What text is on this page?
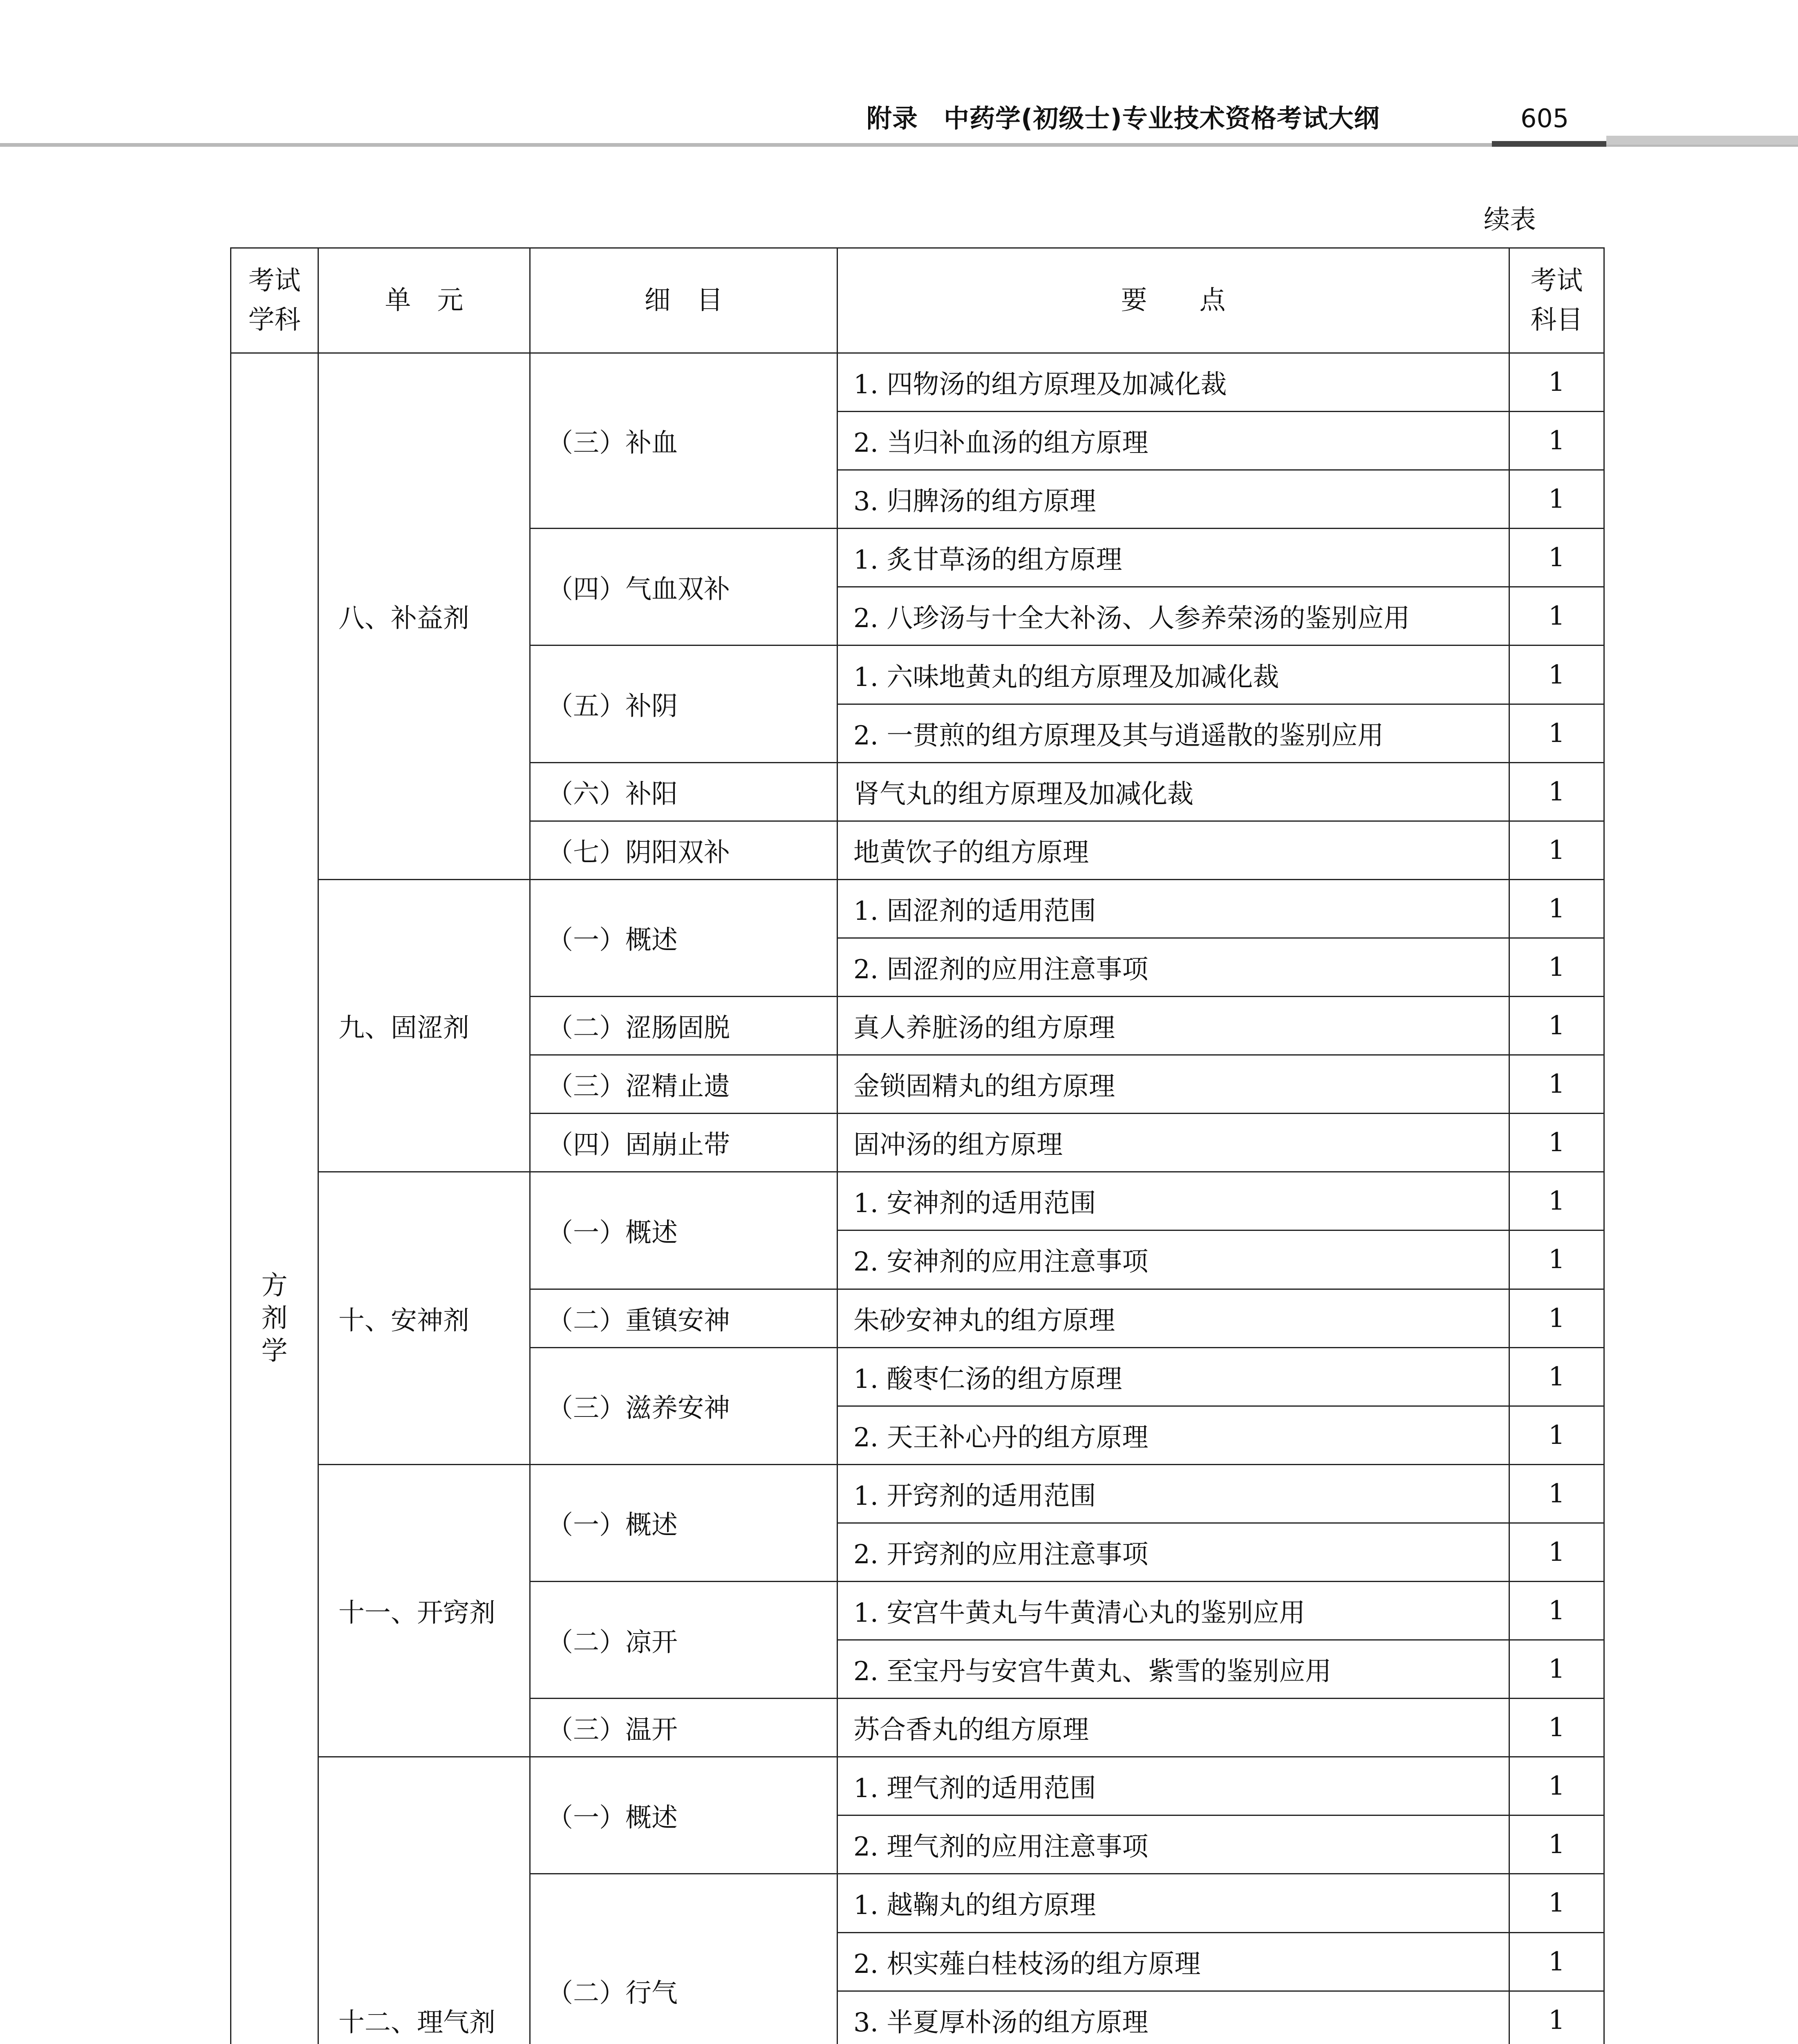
附录　中药学(初级士)专业技术资格考试大纲	605
续表
考试学科	单　元	细　目	要　　点	考试科目
方剂学	八、补益剂	（三）补血	1. 四物汤的组方原理及加减化裁	1
			2. 当归补血汤的组方原理	1
			3. 归脾汤的组方原理	1
		（四）气血双补	1. 炙甘草汤的组方原理	1
			2. 八珍汤与十全大补汤、人参养荣汤的鉴别应用	1
		（五）补阴	1. 六味地黄丸的组方原理及加减化裁	1
			2. 一贯煎的组方原理及其与逍遥散的鉴别应用	1
		（六）补阳	肾气丸的组方原理及加减化裁	1
		（七）阴阳双补	地黄饮子的组方原理	1
	九、固涩剂	（一）概述	1. 固涩剂的适用范围	1
			2. 固涩剂的应用注意事项	1
		（二）涩肠固脱	真人养脏汤的组方原理	1
		（三）涩精止遗	金锁固精丸的组方原理	1
		（四）固崩止带	固冲汤的组方原理	1
	十、安神剂	（一）概述	1. 安神剂的适用范围	1
			2. 安神剂的应用注意事项	1
		（二）重镇安神	朱砂安神丸的组方原理	1
		（三）滋养安神	1. 酸枣仁汤的组方原理	1
			2. 天王补心丹的组方原理	1
	十一、开窍剂	（一）概述	1. 开窍剂的适用范围	1
			2. 开窍剂的应用注意事项	1
		（二）凉开	1. 安宫牛黄丸与牛黄清心丸的鉴别应用	1
			2. 至宝丹与安宫牛黄丸、紫雪的鉴别应用	1
		（三）温开	苏合香丸的组方原理	1
	十二、理气剂	（一）概述	1. 理气剂的适用范围	1
			2. 理气剂的应用注意事项	1
		（二）行气	1. 越鞠丸的组方原理	1
			2. 枳实薤白桂枝汤的组方原理	1
			3. 半夏厚朴汤的组方原理	1
